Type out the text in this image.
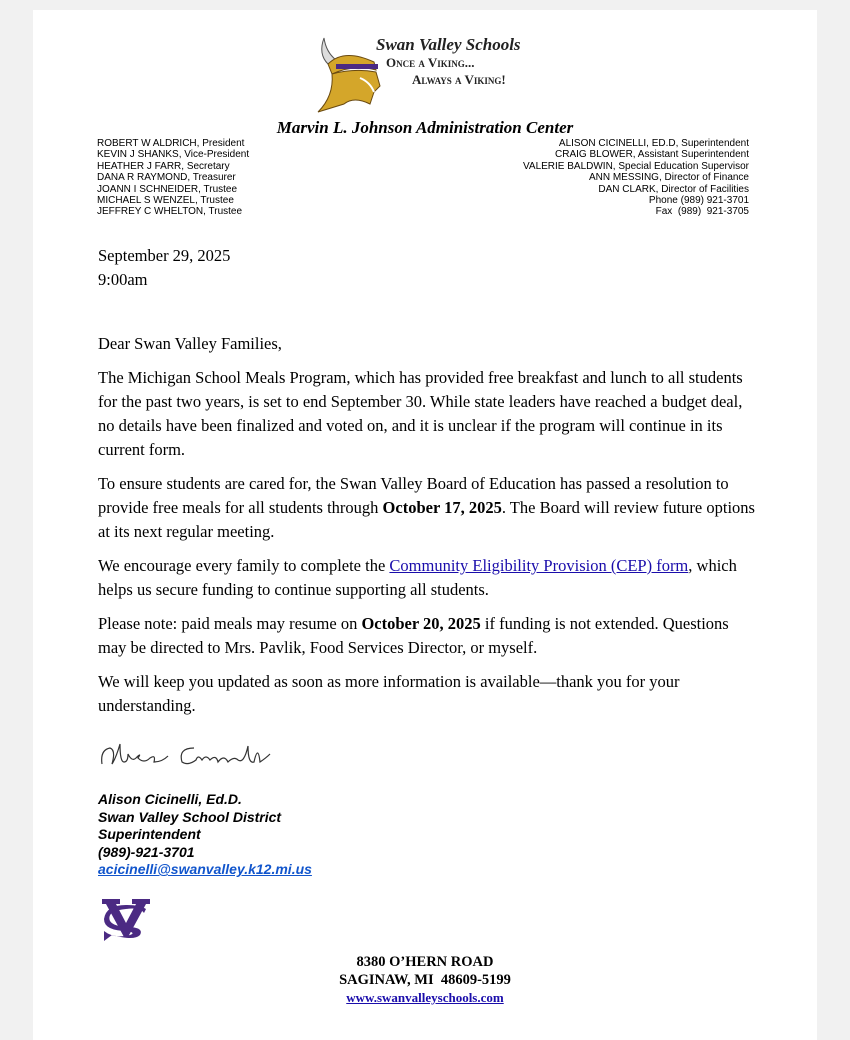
Swan Valley Schools
Once a Viking...
Always a Viking!
Marvin L. Johnson Administration Center
ROBERT W ALDRICH, President
KEVIN J SHANKS, Vice-President
HEATHER J FARR, Secretary
DANA R RAYMOND, Treasurer
JOANN I SCHNEIDER, Trustee
MICHAEL S WENZEL, Trustee
JEFFREY C WHELTON, Trustee
ALISON CICINELLI, ED.D, Superintendent
CRAIG BLOWER, Assistant Superintendent
VALERIE BALDWIN, Special Education Supervisor
ANN MESSING, Director of Finance
DAN CLARK, Director of Facilities
Phone (989) 921-3701
Fax  (989)  921-3705

September 29, 2025
9:00am

Dear Swan Valley Families,

The Michigan School Meals Program, which has provided free breakfast and lunch to all students for the past two years, is set to end September 30. While state leaders have reached a budget deal, no details have been finalized and voted on, and it is unclear if the program will continue in its current form.

To ensure students are cared for, the Swan Valley Board of Education has passed a resolution to provide free meals for all students through October 17, 2025. The Board will review future options at its next regular meeting.

We encourage every family to complete the Community Eligibility Provision (CEP) form, which helps us secure funding to continue supporting all students.

Please note: paid meals may resume on October 20, 2025 if funding is not extended. Questions may be directed to Mrs. Pavlik, Food Services Director, or myself.

We will keep you updated as soon as more information is available—thank you for your understanding.

Alison Cicinelli, Ed.D.
Swan Valley School District
Superintendent
(989)-921-3701
acicinelli@swanvalley.k12.mi.us
8380 O’HERN ROAD
SAGINAW, MI  48609-5199
www.swanvalleyschools.com
